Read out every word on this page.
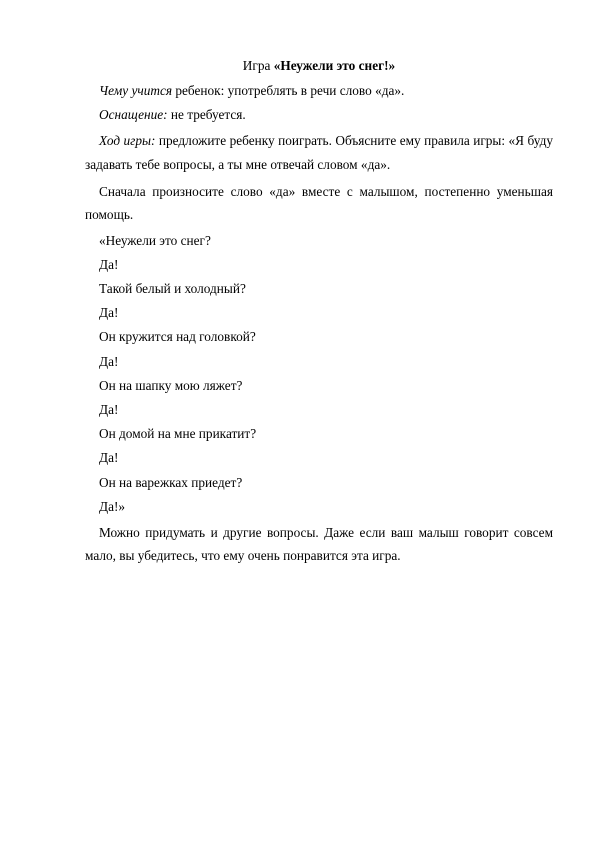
Игра «Неужели это снег!»

Чему учится ребенок: употреблять в речи слово «да».

Оснащение: не требуется.

Ход игры: предложите ребенку поиграть. Объясните ему правила игры: «Я буду задавать тебе вопросы, а ты мне отвечай словом «да».

Сначала произносите слово «да» вместе с малышом, постепенно уменьшая помощь.

«Неужели это снег?

Да!

Такой белый и холодный?

Да!

Он кружится над головкой?

Да!

Он на шапку мою ляжет?

Да!

Он домой на мне прикатит?

Да!

Он на варежках приедет?

Да!»

Можно придумать и другие вопросы. Даже если ваш малыш говорит совсем мало, вы убедитесь, что ему очень понравится эта игра.
